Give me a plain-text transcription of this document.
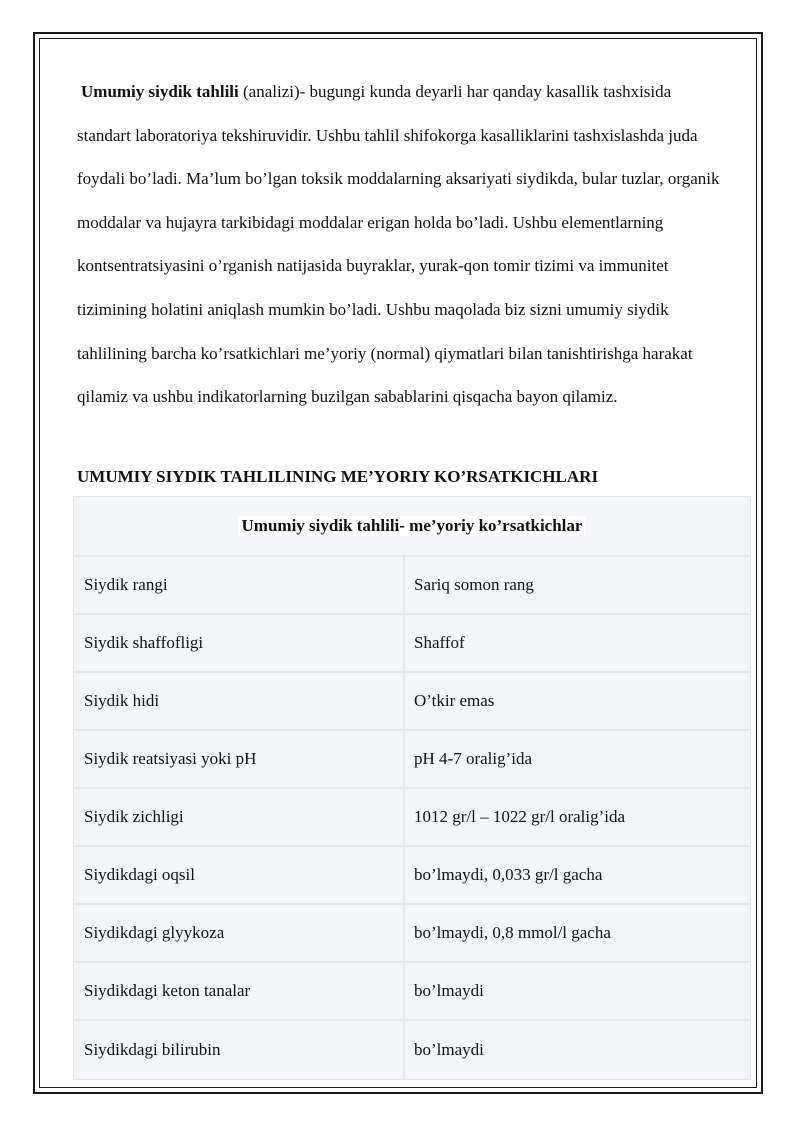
Umumiy siydik tahlili (analizi)- bugungi kunda deyarli har qanday kasallik tashxisida standart laboratoriya tekshiruvidir. Ushbu tahlil shifokorga kasalliklarini tashxislashda juda foydali bo’ladi. Ma’lum bo’lgan toksik moddalarning aksariyati siydikda, bular tuzlar, organik moddalar va hujayra tarkibidagi moddalar erigan holda bo’ladi. Ushbu elementlarning kontsentratsiyasini o’rganish natijasida buyraklar, yurak-qon tomir tizimi va immunitet tizimining holatini aniqlash mumkin bo’ladi. Ushbu maqolada biz sizni umumiy siydik tahlilining barcha ko’rsatkichlari me’yoriy (normal) qiymatlari bilan tanishtirishga harakat qilamiz va ushbu indikatorlarning buzilgan sabablarini qisqacha bayon qilamiz.

UMUMIY SIYDIK TAHLILINING ME’YORIY KO’RSATKICHLARI
Umumiy siydik tahlili- me’yoriy ko’rsatkichlar
Siydik rangi	Sariq somon rang
Siydik shaffofligi	Shaffof
Siydik hidi	O’tkir emas
Siydik reatsiyasi yoki pH	pH 4-7 oralig’ida
Siydik zichligi	1012 gr/l – 1022 gr/l oralig’ida
Siydikdagi oqsil	bo’lmaydi, 0,033 gr/l gacha
Siydikdagi glyykoza	bo’lmaydi, 0,8 mmol/l gacha
Siydikdagi keton tanalar	bo’lmaydi
Siydikdagi bilirubin	bo’lmaydi
